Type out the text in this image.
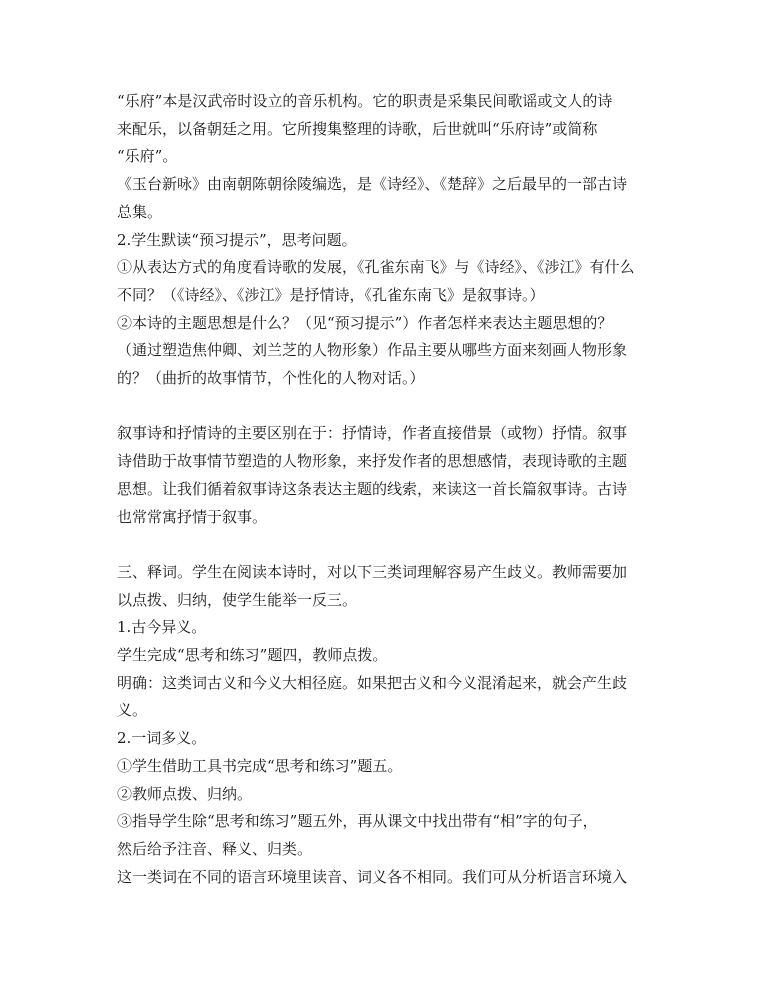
“乐府”本是汉武帝时设立的音乐机构。它的职责是采集民间歌谣或文人的诗

来配乐，以备朝廷之用。它所搜集整理的诗歌，后世就叫“乐府诗”或简称

“乐府”。

《玉台新咏》由南朝陈朝徐陵编选，是《诗经》、《楚辞》之后最早的一部古诗

总集。

2.学生默读“预习提示”，思考问题。

①从表达方式的角度看诗歌的发展，《孔雀东南飞》与《诗经》、《涉江》有什么

不同？（《诗经》、《涉江》是抒情诗，《孔雀东南飞》是叙事诗。）

②本诗的主题思想是什么？（见“预习提示”）作者怎样来表达主题思想的？

（通过塑造焦仲卿、刘兰芝的人物形象）作品主要从哪些方面来刻画人物形象

的？（曲折的故事情节，个性化的人物对话。）

叙事诗和抒情诗的主要区别在于：抒情诗，作者直接借景（或物）抒情。叙事

诗借助于故事情节塑造的人物形象，来抒发作者的思想感情，表现诗歌的主题

思想。让我们循着叙事诗这条表达主题的线索，来读这一首长篇叙事诗。古诗

也常常寓抒情于叙事。

三、释词。学生在阅读本诗时，对以下三类词理解容易产生歧义。教师需要加

以点拨、归纳，使学生能举一反三。

1.古今异义。

学生完成“思考和练习”题四，教师点拨。

明确：这类词古义和今义大相径庭。如果把古义和今义混淆起来，就会产生歧

义。

2.一词多义。

①学生借助工具书完成“思考和练习”题五。

②教师点拨、归纳。

③指导学生除“思考和练习”题五外，再从课文中找出带有“相”字的句子，

然后给予注音、释义、归类。

这一类词在不同的语言环境里读音、词义各不相同。我们可从分析语言环境入
